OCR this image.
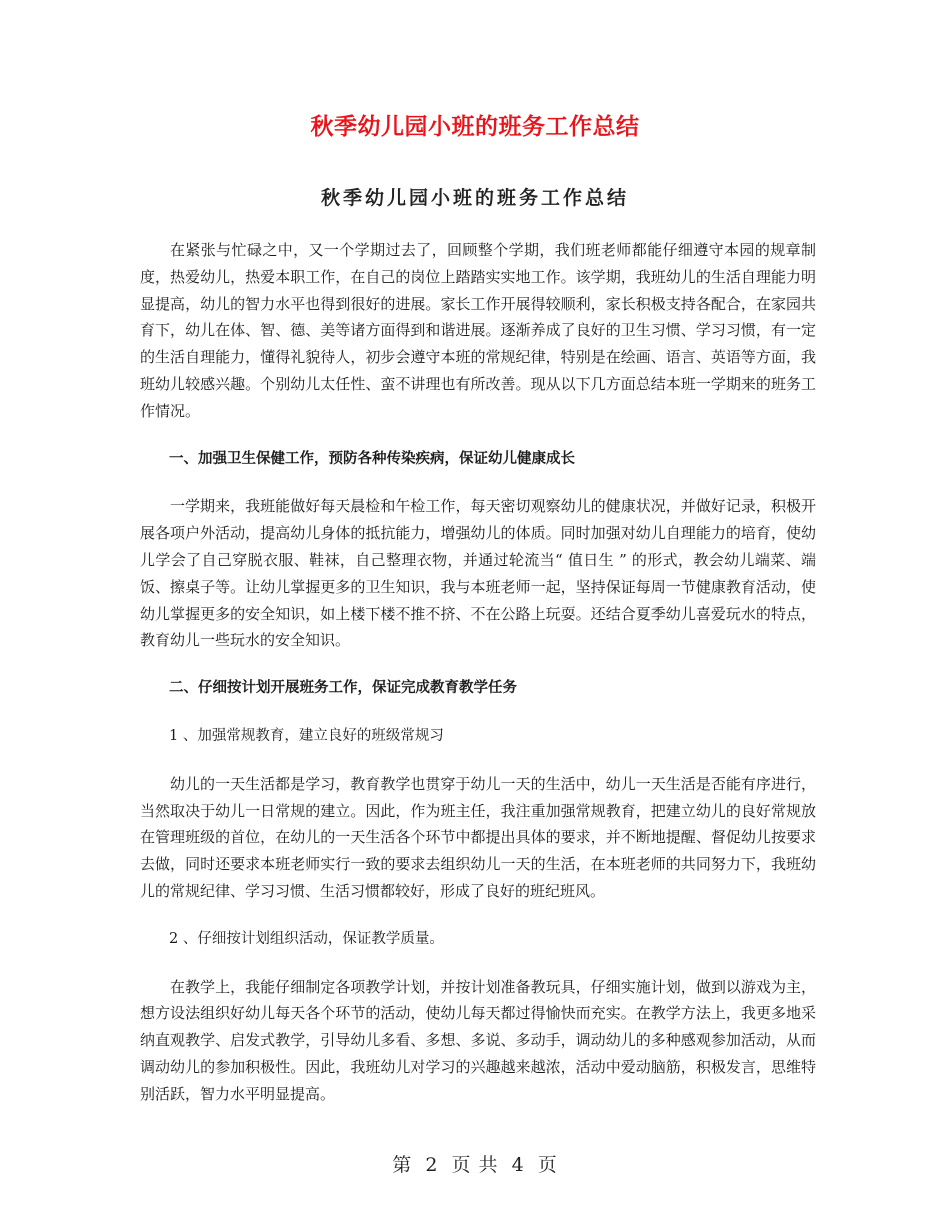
秋季幼儿园小班的班务工作总结
秋季幼儿园小班的班务工作总结

在紧张与忙碌之中，又一个学期过去了，回顾整个学期，我们班老师都能仔细遵守本园的规章制度，热爱幼儿，热爱本职工作，在自己的岗位上踏踏实实地工作。该学期，我班幼儿的生活自理能力明显提高，幼儿的智力水平也得到很好的进展。家长工作开展得较顺利，家长积极支持各配合，在家园共育下，幼儿在体、智、德、美等诸方面得到和谐进展。逐渐养成了良好的卫生习惯、学习习惯，有一定的生活自理能力，懂得礼貌待人，初步会遵守本班的常规纪律，特别是在绘画、语言、英语等方面，我班幼儿较感兴趣。个别幼儿太任性、蛮不讲理也有所改善。现从以下几方面总结本班一学期来的班务工作情况。

一、加强卫生保健工作，预防各种传染疾病，保证幼儿健康成长

一学期来，我班能做好每天晨检和午检工作，每天密切观察幼儿的健康状况，并做好记录，积极开展各项户外活动，提高幼儿身体的抵抗能力，增强幼儿的体质。同时加强对幼儿自理能力的培育，使幼儿学会了自己穿脱衣服、鞋袜，自己整理衣物，并通过轮流当“ 值日生 ” 的形式，教会幼儿端菜、端饭、擦桌子等。让幼儿掌握更多的卫生知识，我与本班老师一起，坚持保证每周一节健康教育活动，使幼儿掌握更多的安全知识，如上楼下楼不推不挤、不在公路上玩耍。还结合夏季幼儿喜爱玩水的特点，教育幼儿一些玩水的安全知识。

二、仔细按计划开展班务工作，保证完成教育教学任务

1 、加强常规教育，建立良好的班级常规习

幼儿的一天生活都是学习，教育教学也贯穿于幼儿一天的生活中，幼儿一天生活是否能有序进行，当然取决于幼儿一日常规的建立。因此，作为班主任，我注重加强常规教育，把建立幼儿的良好常规放在管理班级的首位，在幼儿的一天生活各个环节中都提出具体的要求，并不断地提醒、督促幼儿按要求去做，同时还要求本班老师实行一致的要求去组织幼儿一天的生活，在本班老师的共同努力下，我班幼儿的常规纪律、学习习惯、生活习惯都较好，形成了良好的班纪班风。

2 、仔细按计划组织活动，保证教学质量。

在教学上，我能仔细制定各项教学计划，并按计划准备教玩具，仔细实施计划，做到以游戏为主，想方设法组织好幼儿每天各个环节的活动，使幼儿每天都过得愉快而充实。在教学方法上，我更多地采纳直观教学、启发式教学，引导幼儿多看、多想、多说、多动手，调动幼儿的多种感观参加活动，从而调动幼儿的参加积极性。因此，我班幼儿对学习的兴趣越来越浓，活动中爱动脑筋，积极发言，思维特别活跃，智力水平明显提高。

第 2 页 共 4 页
